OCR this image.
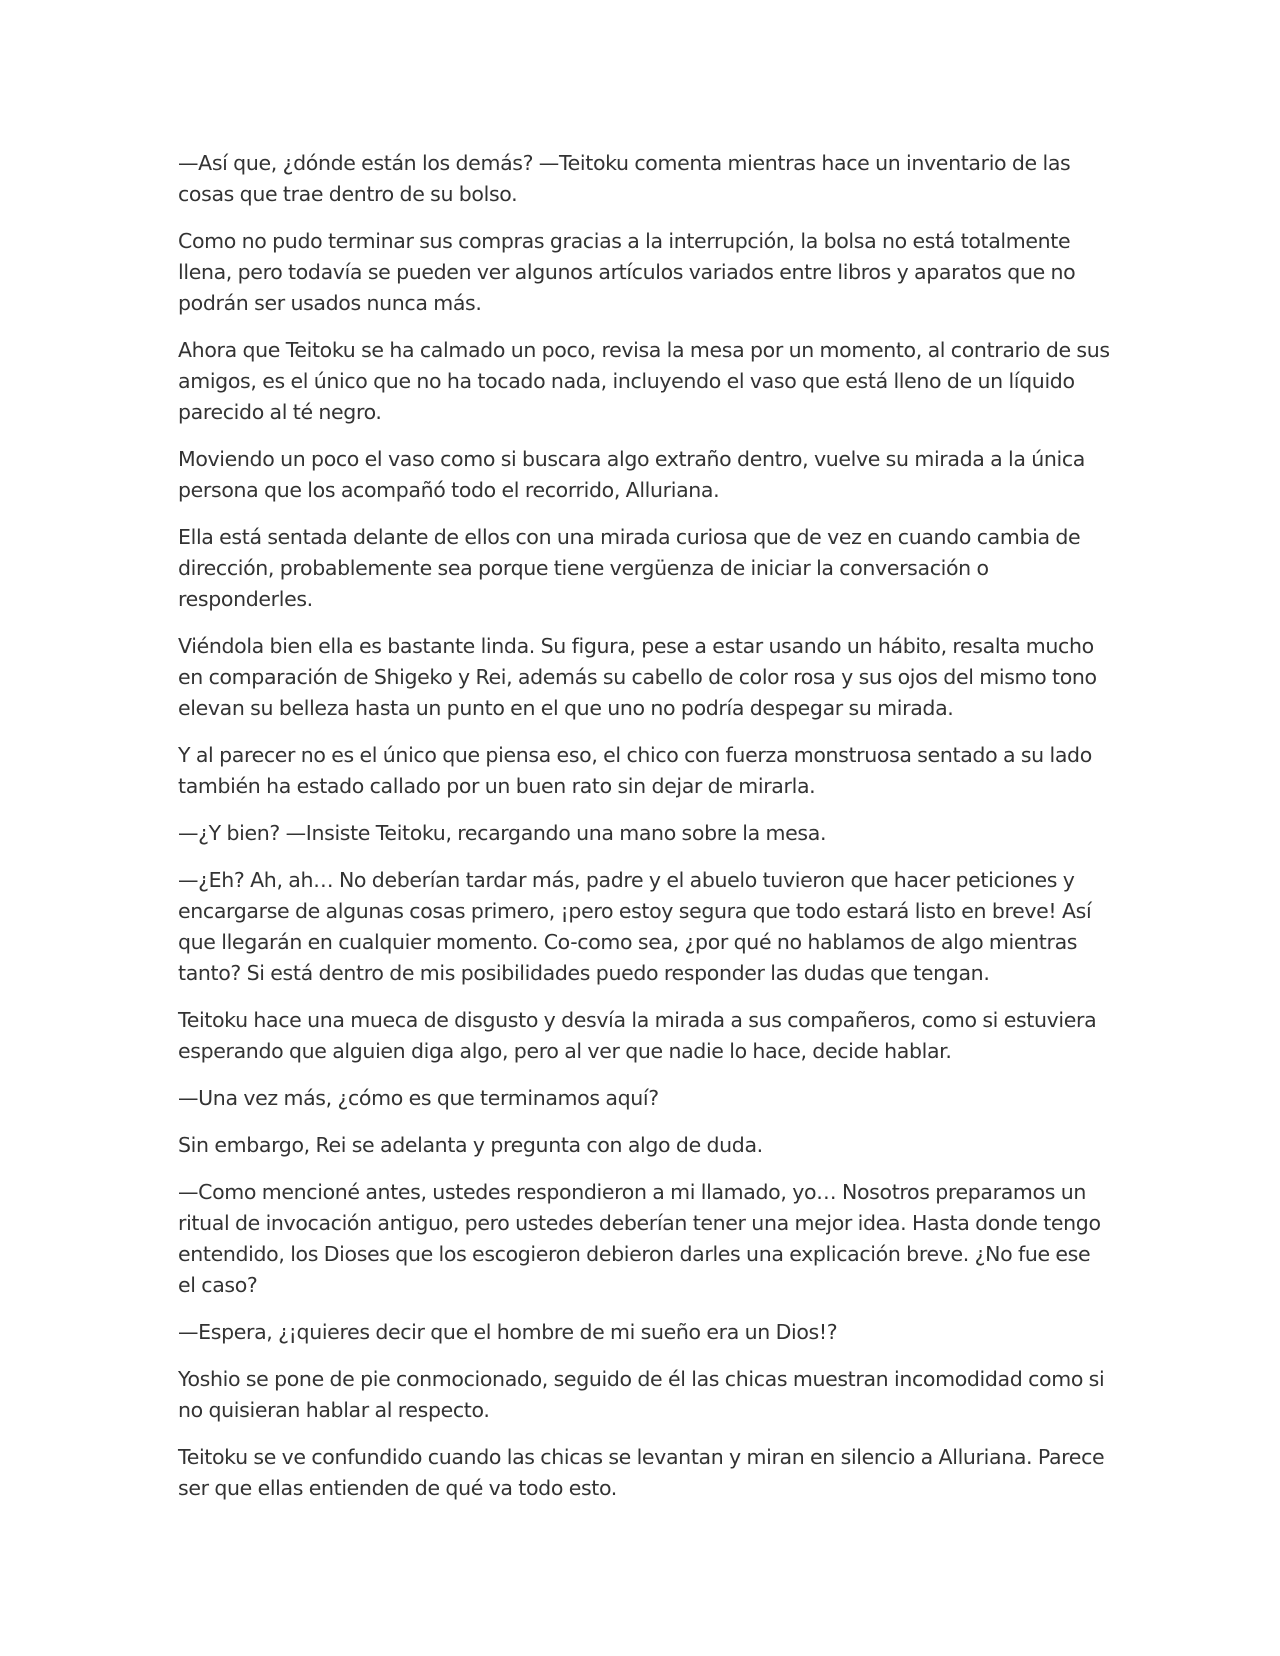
—Así que, ¿dónde están los demás? —Teitoku comenta mientras hace un inventario de las cosas que trae dentro de su bolso.

Como no pudo terminar sus compras gracias a la interrupción, la bolsa no está totalmente llena, pero todavía se pueden ver algunos artículos variados entre libros y aparatos que no podrán ser usados nunca más.

Ahora que Teitoku se ha calmado un poco, revisa la mesa por un momento, al contrario de sus amigos, es el único que no ha tocado nada, incluyendo el vaso que está lleno de un líquido parecido al té negro.

Moviendo un poco el vaso como si buscara algo extraño dentro, vuelve su mirada a la única persona que los acompañó todo el recorrido, Alluriana.

Ella está sentada delante de ellos con una mirada curiosa que de vez en cuando cambia de dirección, probablemente sea porque tiene vergüenza de iniciar la conversación o responderles.

Viéndola bien ella es bastante linda. Su figura, pese a estar usando un hábito, resalta mucho en comparación de Shigeko y Rei, además su cabello de color rosa y sus ojos del mismo tono elevan su belleza hasta un punto en el que uno no podría despegar su mirada.

Y al parecer no es el único que piensa eso, el chico con fuerza monstruosa sentado a su lado también ha estado callado por un buen rato sin dejar de mirarla.

—¿Y bien? —Insiste Teitoku, recargando una mano sobre la mesa.

—¿Eh? Ah, ah… No deberían tardar más, padre y el abuelo tuvieron que hacer peticiones y encargarse de algunas cosas primero, ¡pero estoy segura que todo estará listo en breve! Así que llegarán en cualquier momento. Co-como sea, ¿por qué no hablamos de algo mientras tanto? Si está dentro de mis posibilidades puedo responder las dudas que tengan.

Teitoku hace una mueca de disgusto y desvía la mirada a sus compañeros, como si estuviera esperando que alguien diga algo, pero al ver que nadie lo hace, decide hablar.

—Una vez más, ¿cómo es que terminamos aquí?

Sin embargo, Rei se adelanta y pregunta con algo de duda.

—Como mencioné antes, ustedes respondieron a mi llamado, yo… Nosotros preparamos un ritual de invocación antiguo, pero ustedes deberían tener una mejor idea. Hasta donde tengo entendido, los Dioses que los escogieron debieron darles una explicación breve. ¿No fue ese el caso?

—Espera, ¿¡quieres decir que el hombre de mi sueño era un Dios!?

Yoshio se pone de pie conmocionado, seguido de él las chicas muestran incomodidad como si no quisieran hablar al respecto.

Teitoku se ve confundido cuando las chicas se levantan y miran en silencio a Alluriana. Parece ser que ellas entienden de qué va todo esto.
